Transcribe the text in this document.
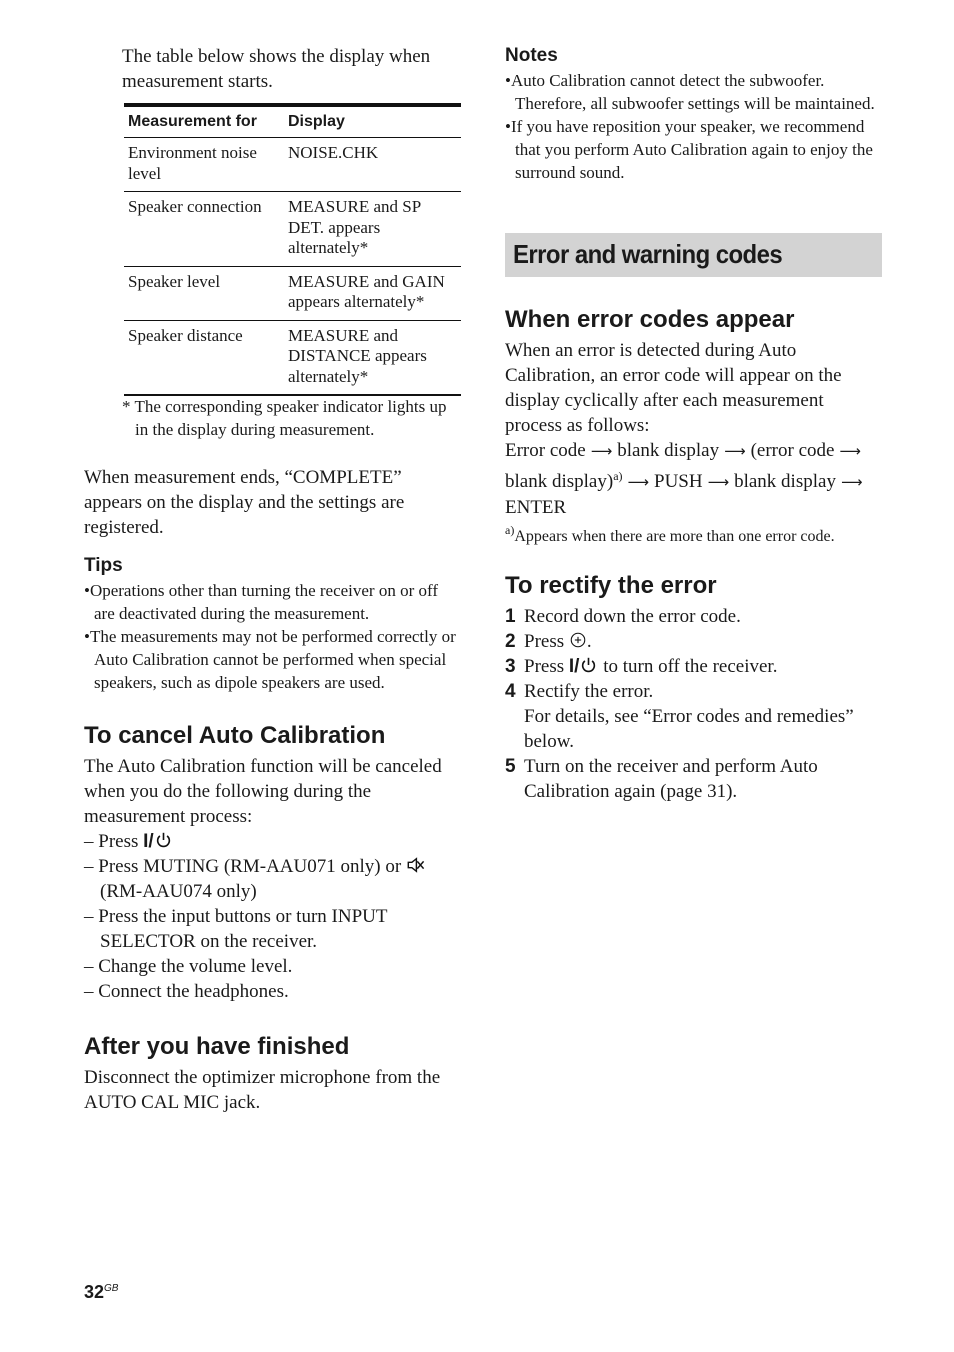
The table below shows the display when measurement starts.

Measurement for	Display
Environment noise level	NOISE.CHK
Speaker connection	MEASURE and SP DET. appears alternately*
Speaker level	MEASURE and GAIN appears alternately*
Speaker distance	MEASURE and DISTANCE appears alternately*
* The corresponding speaker indicator lights up in the display during measurement.

When measurement ends, “COMPLETE” appears on the display and the settings are registered.

Tips
•Operations other than turning the receiver on or off are deactivated during the measurement.
•The measurements may not be performed correctly or Auto Calibration cannot be performed when special speakers, such as dipole speakers are used.
To cancel Auto Calibration

The Auto Calibration function will be canceled when you do the following during the measurement process:

– Press I/
– Press MUTING (RM-AAU071 only) or
(RM-AAU074 only)
– Press the input buttons or turn INPUT SELECTOR on the receiver.
– Change the volume level.
– Connect the headphones.
After you have finished

Disconnect the optimizer microphone from the AUTO CAL MIC jack.

$32^{GB}$
Notes
•Auto Calibration cannot detect the subwoofer. Therefore, all subwoofer settings will be maintained.
•If you have reposition your speaker, we recommend that you perform Auto Calibration again to enjoy the surround sound.
Error and warning codes
When error codes appear

When an error is detected during Auto Calibration, an error code will appear on the display cyclically after each measurement process as follows:

Error code ⟶ blank display ⟶ (error code ⟶ blank display)$^{a)}$ ⟶ PUSH ⟶ blank display ⟶ ENTER

$^{a)}$Appears when there are more than one error code.
To rectify the error
1 Record down the error code.
2 Press .
3 Press I/ to turn off the receiver.
4 Rectify the error.
For details, see “Error codes and remedies” below.
5 Turn on the receiver and perform Auto Calibration again (page 31).
